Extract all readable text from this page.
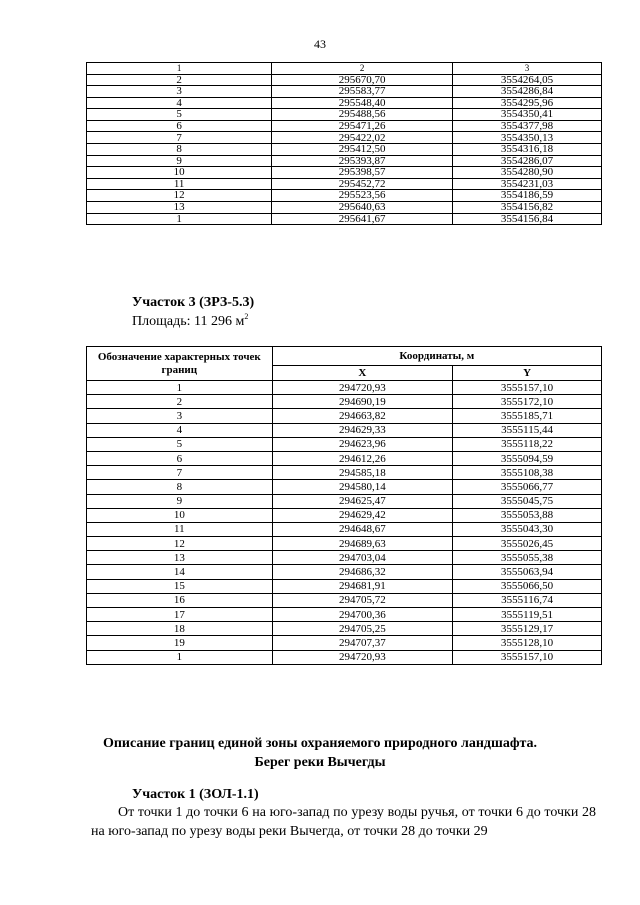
43
1	2	3
2	295670,70	3554264,05
3	295583,77	3554286,84
4	295548,40	3554295,96
5	295488,56	3554350,41
6	295471,26	3554377,98
7	295422,02	3554350,13
8	295412,50	3554316,18
9	295393,87	3554286,07
10	295398,57	3554280,90
11	295452,72	3554231,03
12	295523,56	3554186,59
13	295640,63	3554156,82
1	295641,67	3554156,84
Участок 3 (ЗРЗ-5.3)
Площадь: 11 296 $м^2$
Обозначение характерных точек границ	Координаты, м	
	X	Y
1	294720,93	3555157,10
2	294690,19	3555172,10
3	294663,82	3555185,71
4	294629,33	3555115,44
5	294623,96	3555118,22
6	294612,26	3555094,59
7	294585,18	3555108,38
8	294580,14	3555066,77
9	294625,47	3555045,75
10	294629,42	3555053,88
11	294648,67	3555043,30
12	294689,63	3555026,45
13	294703,04	3555055,38
14	294686,32	3555063,94
15	294681,91	3555066,50
16	294705,72	3555116,74
17	294700,36	3555119,51
18	294705,25	3555129,17
19	294707,37	3555128,10
1	294720,93	3555157,10
Описание границ единой зоны охраняемого природного ландшафта.
Берег реки Вычегды
Участок 1 (ЗОЛ-1.1)
От точки 1 до точки 6 на юго-запад по урезу воды ручья, от точки 6 до точки 28 на юго-запад по урезу воды реки Вычегда, от точки 28 до точки 29
